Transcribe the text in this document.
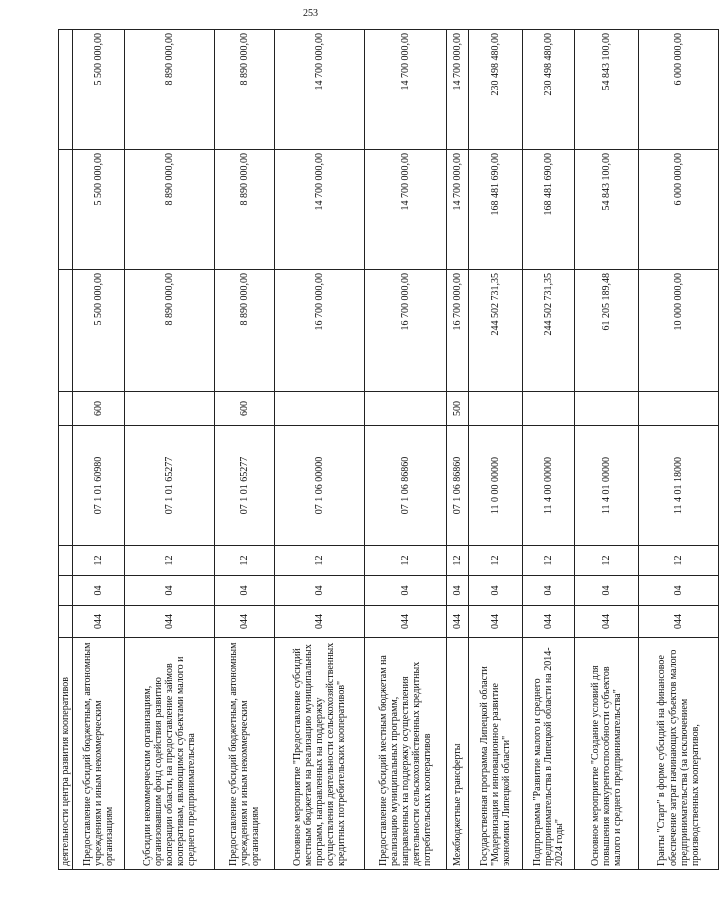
253
деятельности центра развития кооперативов								
Предоставление субсидий бюджетным, автономным учреждениям и иным некоммерческим организациям	044	04	12	07 1 01 60980	600	5 500 000,00	5 500 000,00	5 500 000,00
Субсидии некоммерческим организациям, организовавшим фонд содействия развитию кооперации области, на предоставление займов кооперативам, являющимся субъектами малого и среднего предпринимательства	044	04	12	07 1 01 65277		8 890 000,00	8 890 000,00	8 890 000,00
Предоставление субсидий бюджетным, автономным учреждениям и иным некоммерческим организациям	044	04	12	07 1 01 65277	600	8 890 000,00	8 890 000,00	8 890 000,00
Основное мероприятие "Предоставление субсидий местным бюджетам на реализацию муниципальных программ, направленных на поддержку осуществления деятельности сельскохозяйственных кредитных потребительских кооперативов"	044	04	12	07 1 06 00000		16 700 000,00	14 700 000,00	14 700 000,00
Предоставление субсидий местным бюджетам на реализацию муниципальных программ, направленных на поддержку осуществления деятельности сельскохозяйственных кредитных потребительских кооперативов	044	04	12	07 1 06 86860		16 700 000,00	14 700 000,00	14 700 000,00
Межбюджетные трансферты	044	04	12	07 1 06 86860	500	16 700 000,00	14 700 000,00	14 700 000,00
Государственная программа Липецкой области "Модернизация и инновационное развитие экономики Липецкой области"	044	04	12	11 0 00 00000		244 502 731,35	168 481 690,00	230 498 480,00
Подпрограмма "Развитие малого и среднего предпринимательства в Липецкой области на 2014-2024 годы"	044	04	12	11 4 00 00000		244 502 731,35	168 481 690,00	230 498 480,00
Основное мероприятие "Создание условий для повышения конкурентоспособности субъектов малого и среднего предпринимательства"	044	04	12	11 4 01 00000		61 205 189,48	54 843 100,00	54 843 100,00
Гранты "Старт" в форме субсидий на финансовое обеспечение затрат начинающих субъектов малого предпринимательства (за исключением производственных кооперативов,	044	04	12	11 4 01 18000		10 000 000,00	6 000 000,00	6 000 000,00
